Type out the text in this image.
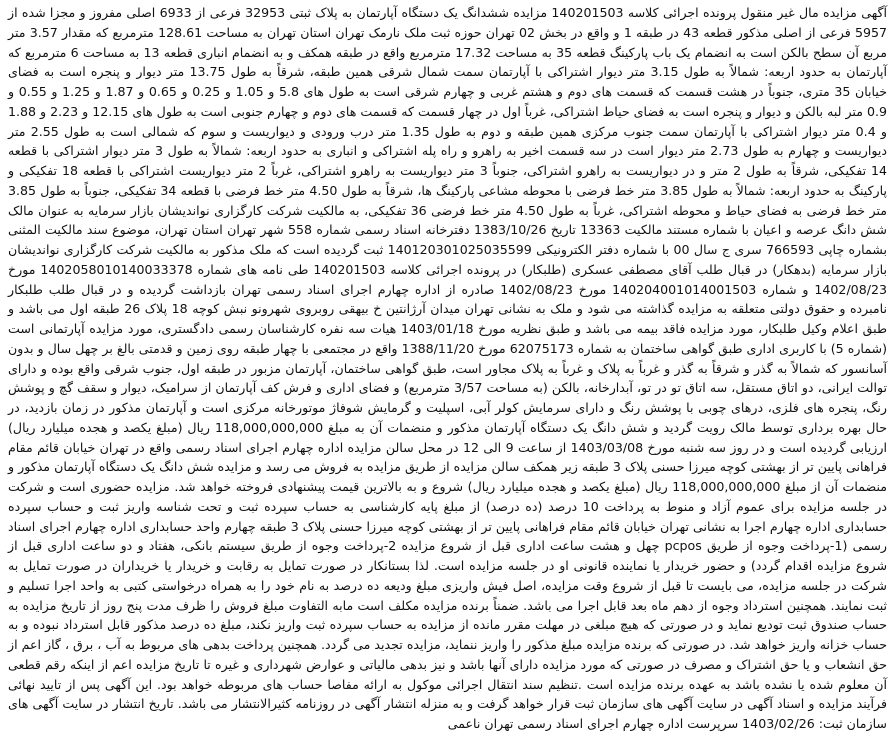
آگهی مزایده مال غیر منقول پرونده اجرائی کلاسه 140201503 مزایده ششدانگ یک دستگاه آپارتمان به پلاک ثبتی 32953 فرعی از 6933 اصلی مفروز و مجزا شده از 5957 فرعی از اصلی مذکور قطعه 43 در طبقه 1 و واقع در بخش 02 تهران حوزه ثبت ملک نارمک تهران استان تهران به مساحت 128.61 مترمربع که مقدار 3.57 متر مربع آن سطح بالکن است به انضمام یک باب پارکینگ قطعه 35 به مساحت 17.32 مترمربع واقع در طبقه همکف و به انضمام انباری قطعه 13 به مساحت 6 مترمربع که آپارتمان به حدود اربعه: شمالاً به طول 3.15 متر دیوار اشتراکی با آپارتمان سمت شمال شرقی همین طبقه، شرقاً به طول 13.75 متر دیوار و پنجره است به فضای خیابان 35 متری، جنوباً در هشت قسمت که قسمت های دوم و هشتم غربی و چهارم شرقی است به طول های 5.8 و 1.05 و 0.25 و 0.65 و 1.87 و 1.25 و 0.55 و 0.9 متر لبه بالکن و دیوار و پنجره است به فضای حیاط اشتراکی، غرباً اول در چهار قسمت که قسمت های دوم و چهارم جنوبی است به طول های 12.15 و 2.23 و 1.88 و 0.4 متر دیوار اشتراکی با آپارتمان سمت جنوب مرکزی همین طبقه و دوم به طول 1.35 متر درب ورودی و دیواریست و سوم که شمالی است به طول 2.55 متر دیواریست و چهارم به طول 2.73 متر دیوار است در سه قسمت اخیر به راهرو و راه پله اشتراکی و انباری به حدود اربعه: شمالاً به طول 3 متر دیوار اشتراکی با قطعه 14 تفکیکی، شرقاً به طول 2 متر و در دیواریست به راهرو اشتراکی، جنوباً 3 متر دیواریست به راهرو اشتراکی، غرباً 2 متر دیواریست اشتراکی با قطعه 18 تفکیکی و پارکینگ به حدود اربعه: شمالاً به طول 3.85 متر خط فرضی با محوطه مشاعی پارکینگ ها، شرقاً به طول 4.50 متر خط فرضی با قطعه 34 تفکیکی، جنوباً به طول 3.85 متر خط فرضی به فضای حیاط و محوطه اشتراکی، غرباً به طول 4.50 متر خط فرضی 36 تفکیکی، به مالکیت شرکت کارگزاری نواندیشان بازار سرمایه به عنوان مالک شش دانگ عرصه و اعیان با شماره مستند مالکیت 13363 تاریخ 1383/10/26 دفترخانه اسناد رسمی شماره 558 شهر تهران استان تهران، موضوع سند مالکیت المثنی بشماره چاپی 766593 سری ج سال 00 با شماره دفتر الکترونیکی 140120301025035599 ثبت گردیده است که ملک مذکور به مالکیت شرکت کارگزاری نواندیشان بازار سرمایه (بدهکار) در قبال طلب آقای مصطفی عسکری (طلبکار) در پرونده اجرائی کلاسه 140201503 طی نامه های شماره 1402058010140033378 مورخ 1402/08/23 و شماره 140204001014001503 مورخ 1402/08/23 صادره از اداره چهارم اجرای اسناد رسمی تهران بازداشت گردیده و در قبال طلب طلبکار نامبرده و حقوق دولتی متعلقه به مزایده گذاشته می شود و ملک به نشانی تهران میدان آرژانتین خ بیهقی روبروی شهرونو نبش کوچه 18 پلاک 26 طبقه اول می باشد و طبق اعلام وکیل طلبکار، مورد مزایده فاقد بیمه می باشد و طبق نظریه مورخ 1403/01/18 هیات سه نفره کارشناسان رسمی دادگستری، مورد مزایده آپارتمانی است (شماره 5) با کاربری اداری طبق گواهی ساختمان به شماره 62075173 مورخ 1388/11/20 واقع در مجتمعی با چهار طبقه روی زمین و قدمتی بالغ بر چهل سال و بدون آسانسور که شمالاً به گذر و شرقاً به گذر و غرباً به پلاک و غرباً به پلاک مجاور است، طبق گواهی ساختمان، آپارتمان مزبور در طبقه اول، جنوب شرقی واقع بوده و دارای توالت ایرانی، دو اتاق مستقل، سه اتاق تو در تو، آبدارخانه، بالکن (به مساحت 3/57 مترمربع) و فضای اداری و فرش کف آپارتمان از سرامیک، دیوار و سقف گچ و پوشش رنگ، پنجره های فلزی، درهای چوبی با پوشش رنگ و دارای سرمایش کولر آبی، اسپلیت و گرمایش شوفاژ موتورخانه مرکزی است و آپارتمان مذکور در زمان بازدید، در حال بهره برداری توسط مالک رویت گردید و شش دانگ یک دستگاه آپارتمان مذکور و منضمات آن به مبلغ 118,000,000,000 ریال (مبلغ یکصد و هجده میلیارد ریال) ارزیابی گردیده است و در روز سه شنبه مورخ 1403/03/08 از ساعت 9 الی 12 در محل سالن مزایده اداره چهارم اجرای اسناد رسمی واقع در تهران خیابان قائم مقام فراهانی پایین تر از بهشتی کوچه میرزا حسنی پلاک 3 طبقه زیر همکف سالن مزایده از طریق مزایده به فروش می رسد و مزایده شش دانگ یک دستگاه آپارتمان مذکور و منضمات آن از مبلغ 118,000,000,000 ریال (مبلغ یکصد و هجده میلیارد ریال) شروع و به بالاترین قیمت پیشنهادی فروخته خواهد شد. مزایده حضوری است و شرکت در جلسه مزایده برای عموم آزاد و منوط به پرداخت 10 درصد (ده درصد) از مبلغ پایه کارشناسی به حساب سپرده ثبت و تحت شناسه واریز ثبت و حساب سپرده حسابداری اداره چهارم اجرا به نشانی تهران خیابان قائم مقام فراهانی پایین تر از بهشتی کوچه میرزا حسنی پلاک 3 طبقه چهارم واحد حسابداری اداره چهارم اجرای اسناد رسمی (1-پرداخت وجوه از طریق pcpos چهل و هشت ساعت اداری قبل از شروع مزایده 2-پرداخت وجوه از طریق سیستم بانکی، هفتاد و دو ساعت اداری قبل از شروع مزایده اقدام گردد) و حضور خریدار یا نماینده قانونی او در جلسه مزایده است. لذا بستانکار در صورت تمایل به رقابت و خریدار یا خریداران در صورت تمایل به شرکت در جلسه مزایده، می بایست تا قبل از شروع وقت مزایده، اصل فیش واریزی مبلغ ودیعه ده درصد به نام خود را به همراه درخواستی کتبی به واحد اجرا تسلیم و ثبت نمایند. همچنین استرداد وجوه از دهم ماه بعد قابل اجرا می باشد. ضمناً برنده مزایده مکلف است مابه التفاوت مبلغ فروش را ظرف مدت پنج روز از تاریخ مزایده به حساب صندوق ثبت تودیع نماید و در صورتی که هیچ مبلغی در مهلت مقرر مانده از مزایده به حساب سپرده ثبت واریز نکند، مبلغ ده درصد مذکور قابل استرداد نبوده و به حساب خزانه واریز خواهد شد. در صورتی که برنده مزایده مبلغ مذکور را واریز ننماید، مزایده تجدید می گردد. همچنین پرداخت بدهی های مربوط به آب ، برق ، گاز اعم از حق انشعاب و یا حق اشتراک و مصرف در صورتی که مورد مزایده دارای آنها باشد و نیز بدهی مالیاتی و عوارض شهرداری و غیره تا تاریخ مزایده اعم از اینکه رقم قطعی آن معلوم شده یا نشده باشد به عهده برنده مزایده است .تنظیم سند انتقال اجرائی موکول به ارائه مفاصا حساب های مربوطه خواهد بود. این آگهی پس از تایید نهائی فرآیند مزایده و اسناد آگهی در سایت آگهی های سازمان ثبت قرار خواهد گرفت و به منزله انتشار آگهی در روزنامه کثیرالانتشار می باشد. تاریخ انتشار در سایت آگهی های سازمان ثبت: 1403/02/26 سرپرست اداره چهارم اجرای اسناد رسمی تهران ناعمی
